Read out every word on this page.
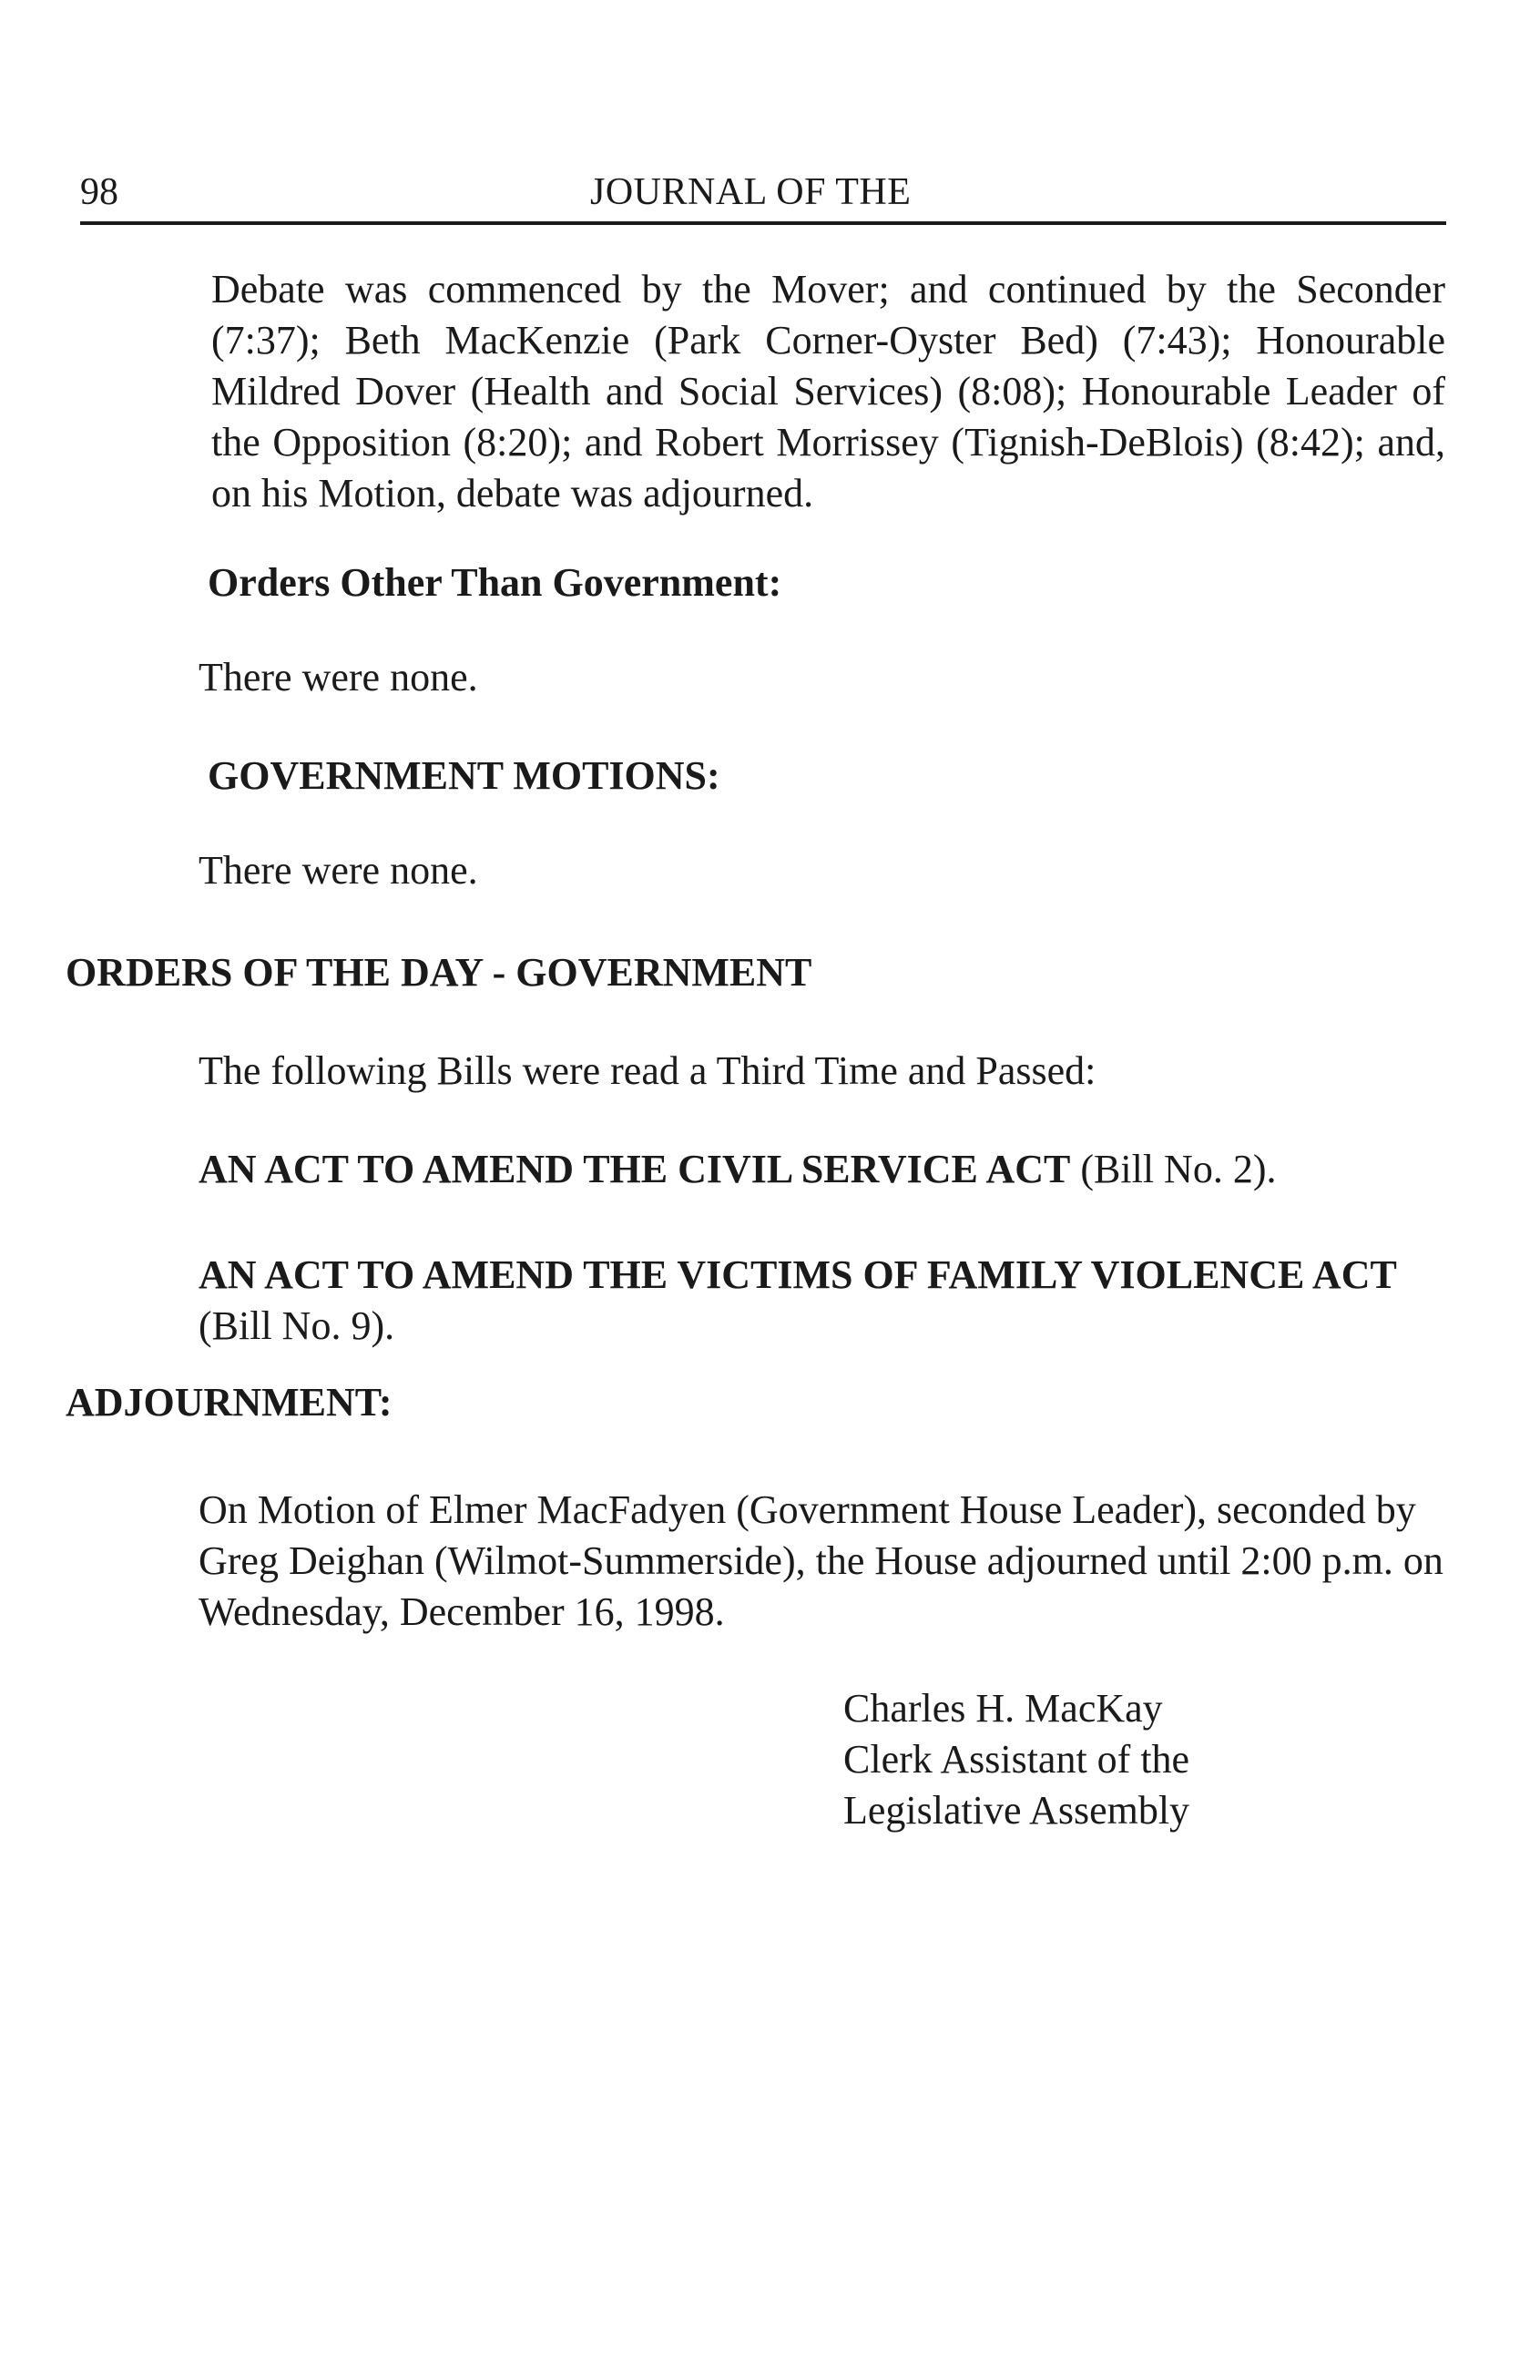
98	JOURNAL OF THE

Debate was commenced by the Mover; and continued by the Seconder (7:37); Beth MacKenzie (Park Corner-Oyster Bed) (7:43); Honourable Mildred Dover (Health and Social Services) (8:08); Honourable Leader of the Opposition (8:20); and Robert Morrissey (Tignish-DeBlois) (8:42); and, on his Motion, debate was adjourned.

Orders Other Than Government:

There were none.

GOVERNMENT MOTIONS:

There were none.

ORDERS OF THE DAY - GOVERNMENT

The following Bills were read a Third Time and Passed:

AN ACT TO AMEND THE CIVIL SERVICE ACT (Bill No. 2).

AN ACT TO AMEND THE VICTIMS OF FAMILY VIOLENCE ACT (Bill No. 9).

ADJOURNMENT:

On Motion of Elmer MacFadyen (Government House Leader), seconded by Greg Deighan (Wilmot-Summerside), the House adjourned until 2:00 p.m. on Wednesday, December 16, 1998.

Charles H. MacKay
Clerk Assistant of the
Legislative Assembly
